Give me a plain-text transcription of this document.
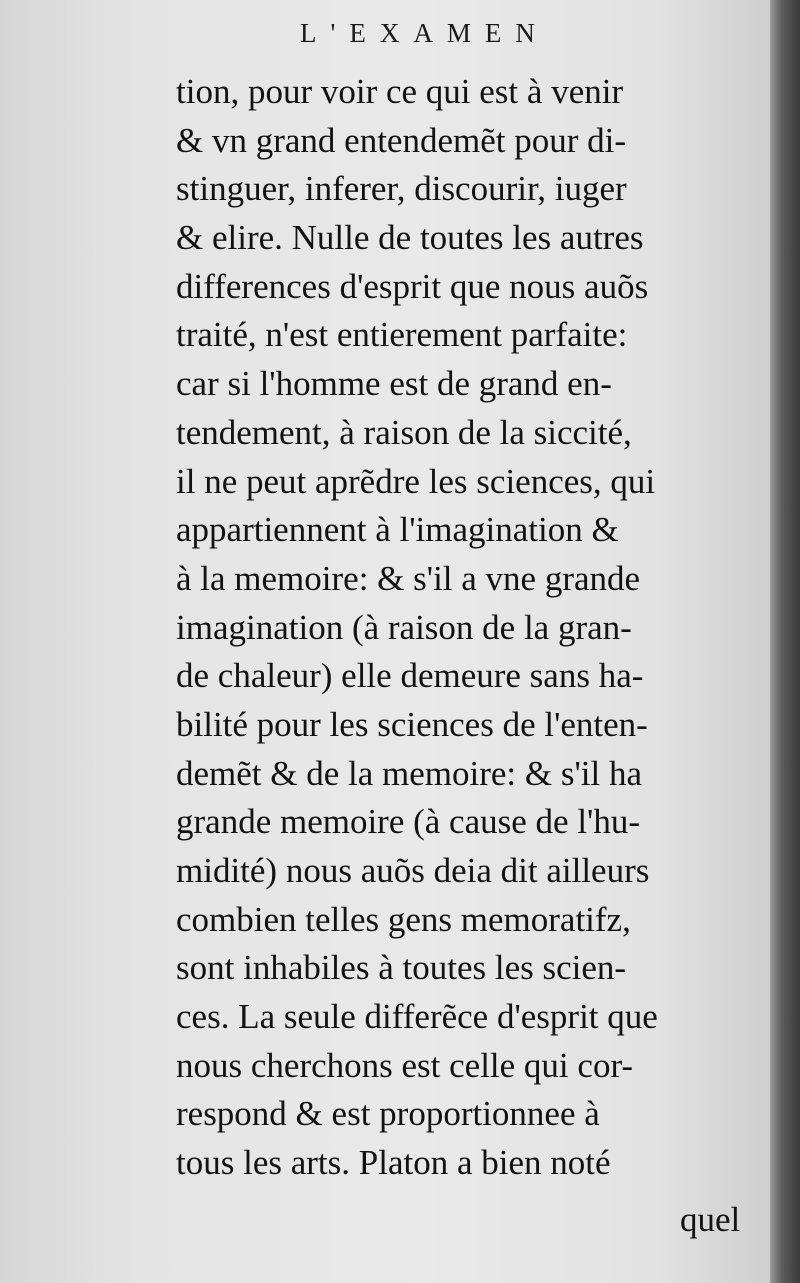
L'EXAMEN
tion, pour voir ce qui est à venir
& vn grand entendemẽt pour di-
stinguer, inferer, discourir, iuger
& elire. Nulle de toutes les autres
differences d'esprit que nous auõs
traité, n'est entierement parfaite:
car si l'homme est de grand en-
tendement, à raison de la siccité,
il ne peut aprẽdre les sciences, qui
appartiennent à l'imagination &
à la memoire: & s'il a vne grande
imagination (à raison de la gran-
de chaleur) elle demeure sans ha-
bilité pour les sciences de l'enten-
demẽt & de la memoire: & s'il ha
grande memoire (à cause de l'hu-
midité) nous auõs deia dit ailleurs
combien telles gens memoratifz,
sont inhabiles à toutes les scien-
ces. La seule differẽce d'esprit que
nous cherchons est celle qui cor-
respond & est proportionnee à
tous les arts. Platon a bien noté
quel
